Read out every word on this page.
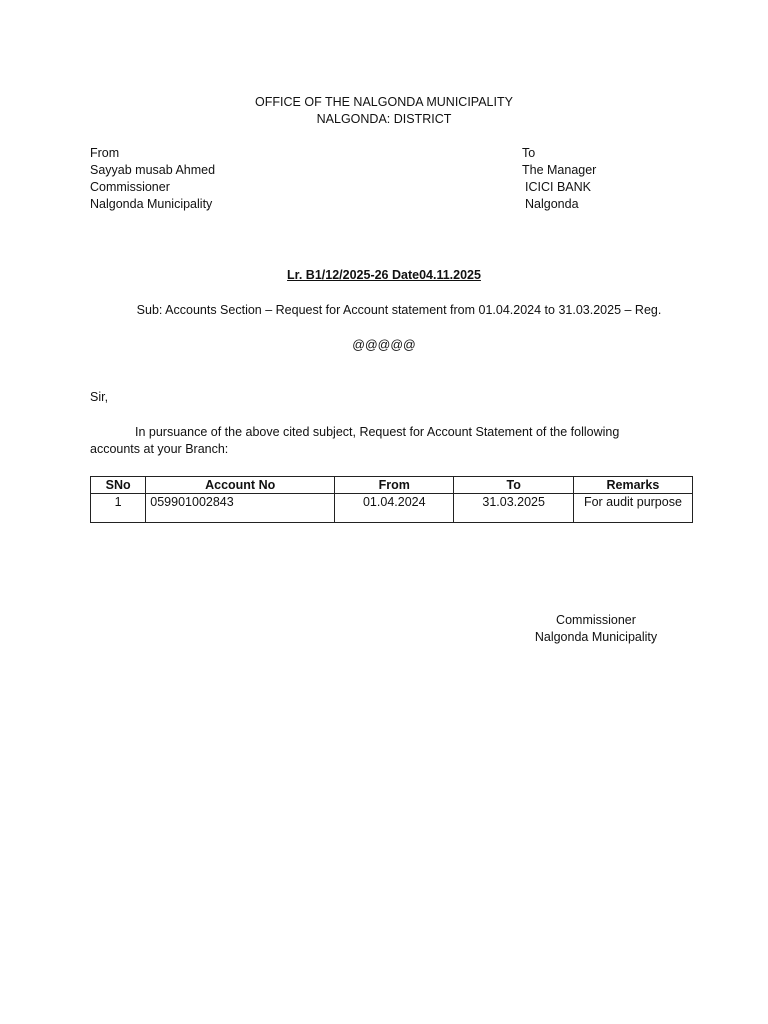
OFFICE OF THE NALGONDA MUNICIPALITY
NALGONDA: DISTRICT
From
Sayyab musab Ahmed
Commissioner
Nalgonda Municipality
To
The Manager
ICICI BANK
Nalgonda
Lr. B1/12/2025-26 Date04.11.2025
Sub: Accounts Section – Request for Account statement from 01.04.2024 to 31.03.2025 – Reg.
@@@@@
Sir,
In pursuance of the above cited subject, Request for Account Statement of the following accounts at your Branch:
SNo	Account No	From	To	Remarks
1	059901002843	01.04.2024	31.03.2025	For audit purpose
Commissioner
Nalgonda Municipality
